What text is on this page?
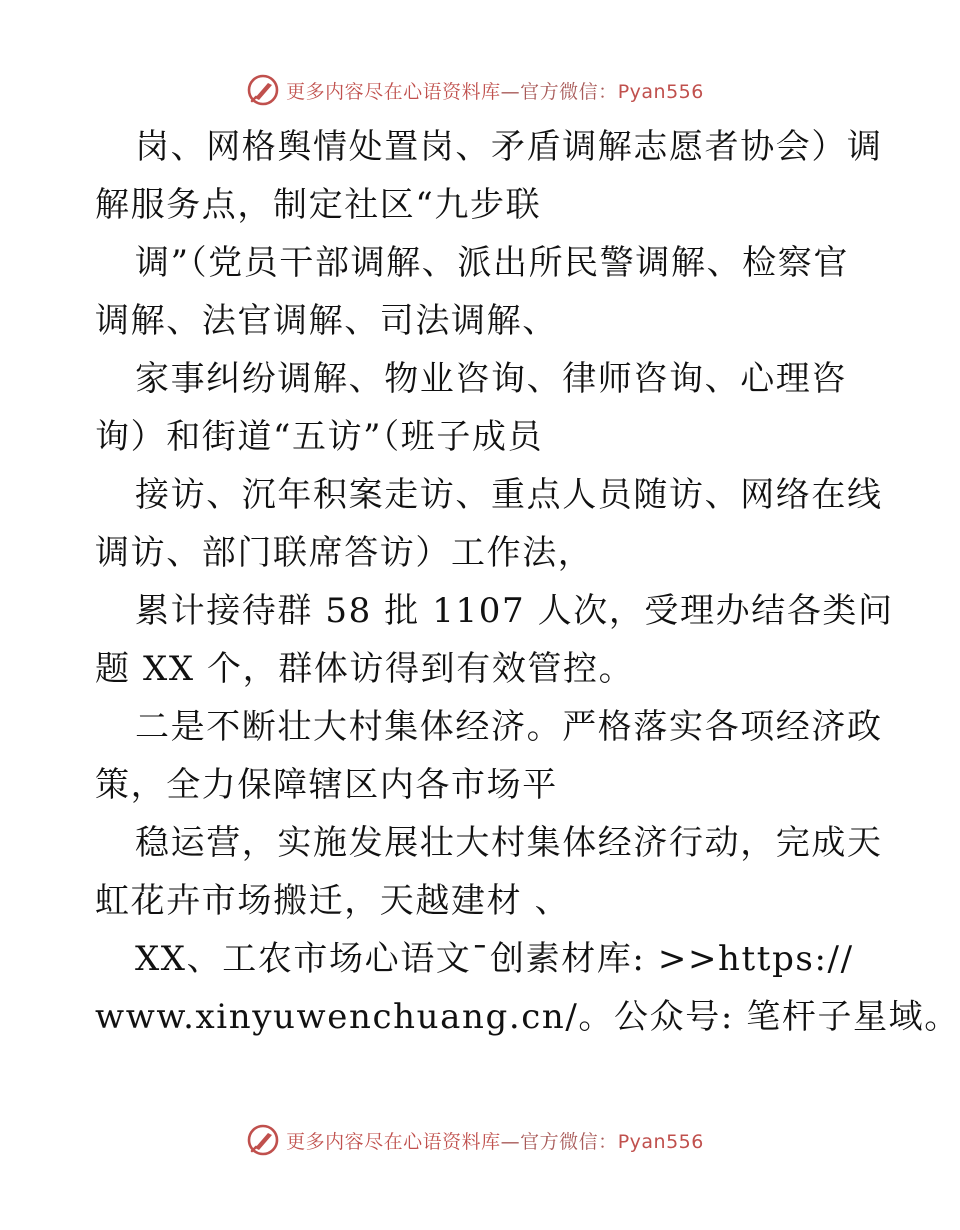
更多内容尽在心语资料库—官方微信：Pyan556
岗、网格舆情处置岗、矛盾调解志愿者协会）调
解服务点，制定社区“九步联
调”（党员干部调解、派出所民警调解、检察官
调解、法官调解、司法调解、
家事纠纷调解、物业咨询、律师咨询、心理咨
询）和街道“五访”（班子成员
接访、沉年积案走访、重点人员随访、网络在线
调访、部门联席答访）工作法，
累计接待群 58 批 1107 人次，受理办结各类问
题 XX 个，群体访得到有效管控。
二是不断壮大村集体经济。严格落实各项经济政
策，全力保障辖区内各市场平
稳运营，实施发展壮大村集体经济行动，完成天
虹花卉市场搬迁，天越建材 、
XX、工农市场心语文¯创素材库: >>https://
www.xinyuwenchuang.cn/。公众号: 笔杆子星域。
更多内容尽在心语资料库—官方微信：Pyan556
